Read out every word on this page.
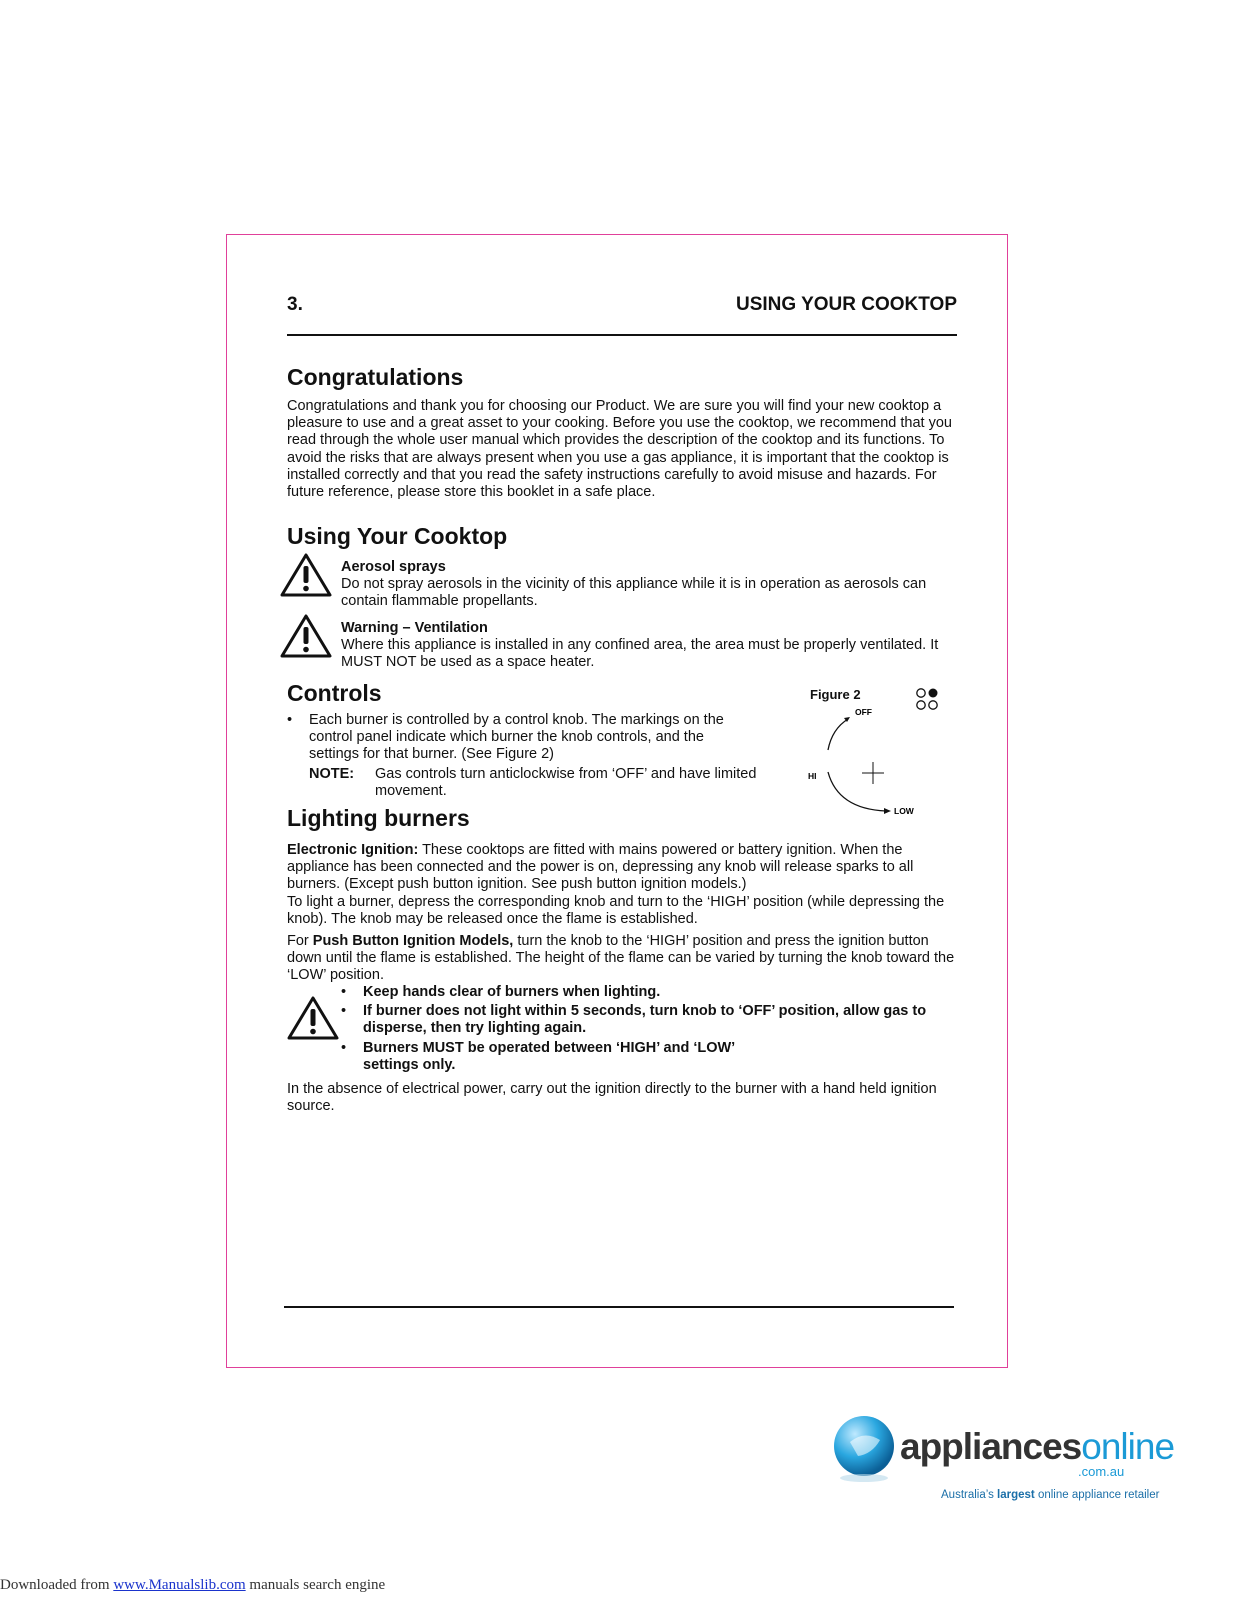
3.	USING YOUR COOKTOP
Congratulations

Congratulations and thank you for choosing our Product. We are sure you will find your new cooktop a pleasure to use and a great asset to your cooking. Before you use the cooktop, we recommend that you read through the whole user manual which provides the description of the cooktop and its functions. To avoid the risks that are always present when you use a gas appliance, it is important that the cooktop is installed correctly and that you read the safety instructions carefully to avoid misuse and hazards. For future reference, please store this booklet in a safe place.

Using Your Cooktop
Aerosol sprays

Do not spray aerosols in the vicinity of this appliance while it is in operation as aerosols can contain flammable propellants.

Warning – Ventilation

Where this appliance is installed in any confined area, the area must be properly ventilated. It MUST NOT be used as a space heater.

Controls
•	Each burner is controlled by a control knob. The markings on the control panel indicate which burner the knob controls, and the settings for that burner. (See Figure 2)
NOTE:	Gas controls turn anticlockwise from ‘OFF’ and have limited movement.
Figure 2
OFF
HI
LOW
Lighting burners

Electronic Ignition: These cooktops are fitted with mains powered or battery ignition. When the appliance has been connected and the power is on, depressing any knob will release sparks to all burners. (Except push button ignition. See push button ignition models.)

To light a burner, depress the corresponding knob and turn to the ‘HIGH’ position (while depressing the knob). The knob may be released once the flame is established.

For Push Button Ignition Models, turn the knob to the ‘HIGH’ position and press the ignition button down until the flame is established. The height of the flame can be varied by turning the knob toward the ‘LOW’ position.

•	Keep hands clear of burners when lighting.
•	If burner does not light within 5 seconds, turn knob to ‘OFF’ position, allow gas to disperse, then try lighting again.
•	Burners MUST be operated between ‘HIGH’ and ‘LOW’ settings only.

In the absence of electrical power, carry out the ignition directly to the burner with a hand held ignition source.

appliancesonline
.com.au
Australia’s largest online appliance retailer
Downloaded from www.Manualslib.com manuals search engine
